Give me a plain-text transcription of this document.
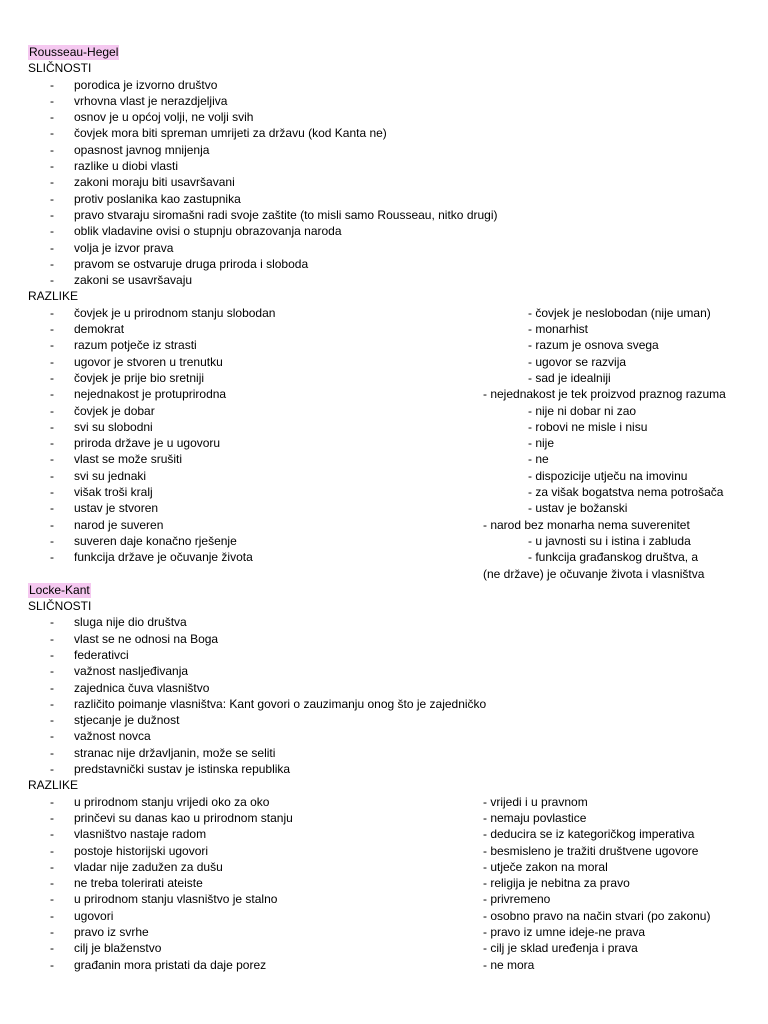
Rousseau-Hegel
SLIČNOSTI
- porodica je izvorno društvo
- vrhovna vlast je nerazdjeljiva
- osnov je u općoj volji, ne volji svih
- čovjek mora biti spreman umrijeti za državu (kod Kanta ne)
- opasnost javnog mnijenja
- razlike u diobi vlasti
- zakoni moraju biti usavršavani
- protiv poslanika kao zastupnika
- pravo stvaraju siromašni radi svoje zaštite (to misli samo Rousseau, nitko drugi)
- oblik vladavine ovisi o stupnju obrazovanja naroda
- volja je izvor prava
- pravom se ostvaruje druga priroda i sloboda
- zakoni se usavršavaju
RAZLIKE
- čovjek je u prirodnom stanju slobodan	- čovjek je neslobodan (nije uman)
- demokrat	- monarhist
- razum potječe iz strasti	- razum je osnova svega
- ugovor je stvoren u trenutku	- ugovor se razvija
- čovjek je prije bio sretniji	- sad je idealniji
- nejednakost je protuprirodna	- nejednakost je tek proizvod praznog razuma
- čovjek je dobar	- nije ni dobar ni zao
- svi su slobodni	- robovi ne misle i nisu
- priroda države je u ugovoru	- nije
- vlast se može srušiti	- ne
- svi su jednaki	- dispozicije utječu na imovinu
- višak troši kralj	- za višak bogatstva nema potrošača
- ustav je stvoren	- ustav je božanski
- narod je suveren	- narod bez monarha nema suverenitet
- suveren daje konačno rješenje	- u javnosti su i istina i zabluda
- funkcija države je očuvanje života	- funkcija građanskog društva, a
(ne države) je očuvanje života i vlasništva
Locke-Kant
SLIČNOSTI
- sluga nije dio društva
- vlast se ne odnosi na Boga
- federativci
- važnost nasljeđivanja
- zajednica čuva vlasništvo
- različito poimanje vlasništva: Kant govori o zauzimanju onog što je zajedničko
- stjecanje je dužnost
- važnost novca
- stranac nije državljanin, može se seliti
- predstavnički sustav je istinska republika
RAZLIKE
- u prirodnom stanju vrijedi oko za oko	- vrijedi i u pravnom
- prinčevi su danas kao u prirodnom stanju	- nemaju povlastice
- vlasništvo nastaje radom	- deducira se iz kategoričkog imperativa
- postoje historijski ugovori	- besmisleno je tražiti društvene ugovore
- vladar nije zadužen za dušu	- utječe zakon na moral
- ne treba tolerirati ateiste	- religija je nebitna za pravo
- u prirodnom stanju vlasništvo je stalno	- privremeno
- ugovori	- osobno pravo na način stvari (po zakonu)
- pravo iz svrhe	- pravo iz umne ideje-ne prava
- cilj je blaženstvo	- cilj je sklad uređenja i prava
- građanin mora pristati da daje porez	- ne mora
